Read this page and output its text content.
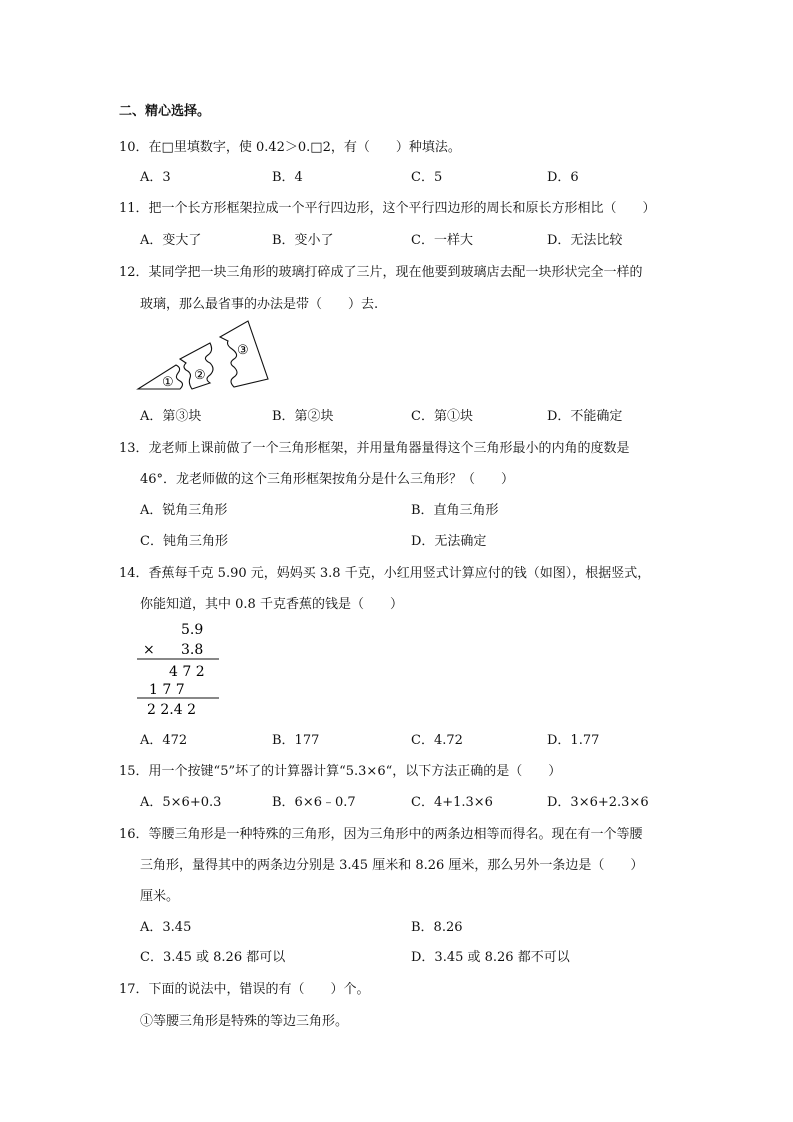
二、精心选择。
10．在□里填数字，使 0.42＞0.□2，有（　　）种填法。
A．3	B．4	C．5	D．6
11．把一个长方形框架拉成一个平行四边形，这个平行四边形的周长和原长方形相比（　　）
A．变大了	B．变小了	C．一样大	D．无法比较
12．某同学把一块三角形的玻璃打碎成了三片，现在他要到玻璃店去配一块形状完全一样的
玻璃，那么最省事的办法是带（　　）去.
① ②
③
A．第③块	B．第②块	C．第①块	D．不能确定
13．龙老师上课前做了一个三角形框架，并用量角器量得这个三角形最小的内角的度数是
46°．龙老师做的这个三角形框架按角分是什么三角形？（　　）
A．锐角三角形	B．直角三角形
C．钝角三角形	D．无法确定
14．香蕉每千克 5.90 元，妈妈买 3.8 千克，小红用竖式计算应付的钱（如图），根据竖式，
你能知道，其中 0.8 千克香蕉的钱是（　　）
5.9
× 3.8
4 7 2
1 7 7
2 2.4 2
A．472	B．177	C．4.72	D．1.77
15．用一个按键“5”坏了的计算器计算“5.3×6“，以下方法正确的是（　　）
A．5×6+0.3	B．6×6﹣0.7	C．4+1.3×6	D．3×6+2.3×6
16．等腰三角形是一种特殊的三角形，因为三角形中的两条边相等而得名。现在有一个等腰
三角形，量得其中的两条边分别是 3.45 厘米和 8.26 厘米，那么另外一条边是（　　）
厘米。
A．3.45	B．8.26
C．3.45 或 8.26 都可以	D．3.45 或 8.26 都不可以
17．下面的说法中，错误的有（　　）个。
①等腰三角形是特殊的等边三角形。
